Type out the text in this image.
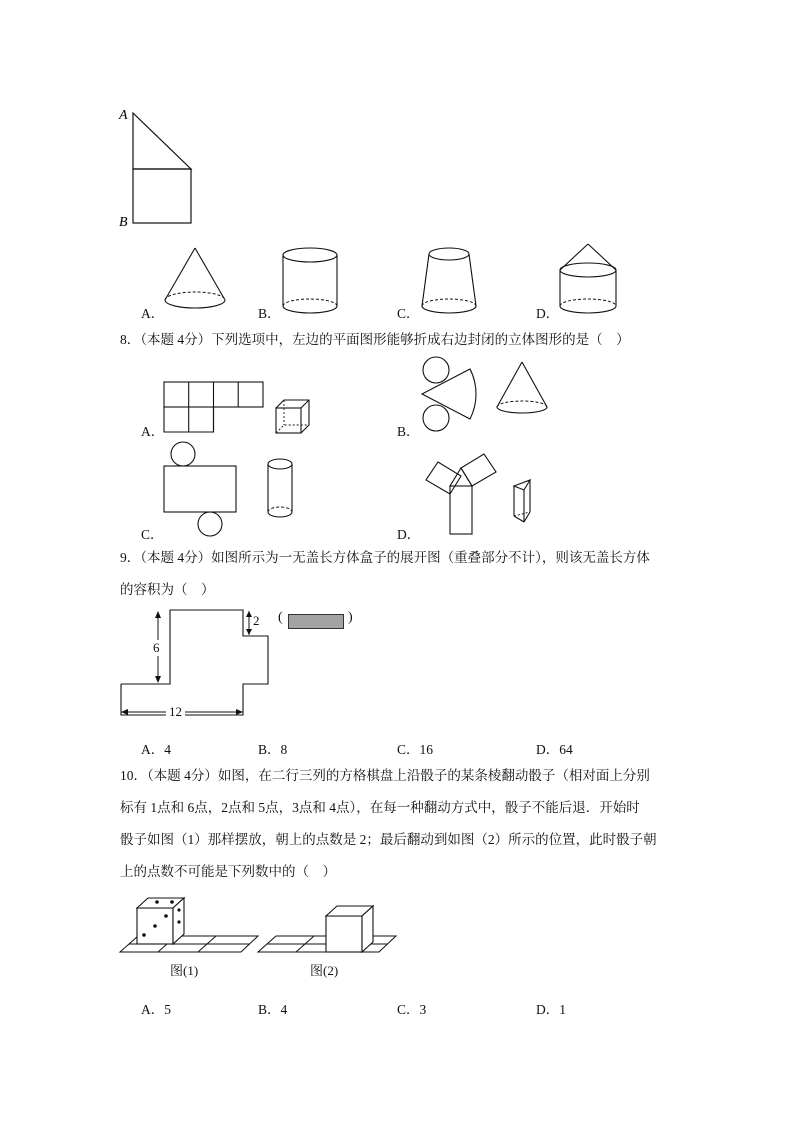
A
B
A．	B．	C．	D．
8．（本题 4分）下列选项中，左边的平面图形能够折成右边封闭的立体图形的是（　）
A．	B．
C．	D．
9．（本题 4分）如图所示为一无盖长方体盒子的展开图（重叠部分不计），则该无盖长方体
的容积为（　）
6
2
12
(	)
A．4	B．8	C．16	D．64
10．（本题 4分）如图，在二行三列的方格棋盘上沿骰子的某条棱翻动骰子（相对面上分别
标有 1点和 6点，2点和 5点，3点和 4点），在每一种翻动方式中，骰子不能后退．开始时
骰子如图（1）那样摆放，朝上的点数是 2；最后翻动到如图（2）所示的位置，此时骰子朝
上的点数不可能是下列数中的（　）
图(1)	图(2)
A．5	B．4	C．3	D．1
